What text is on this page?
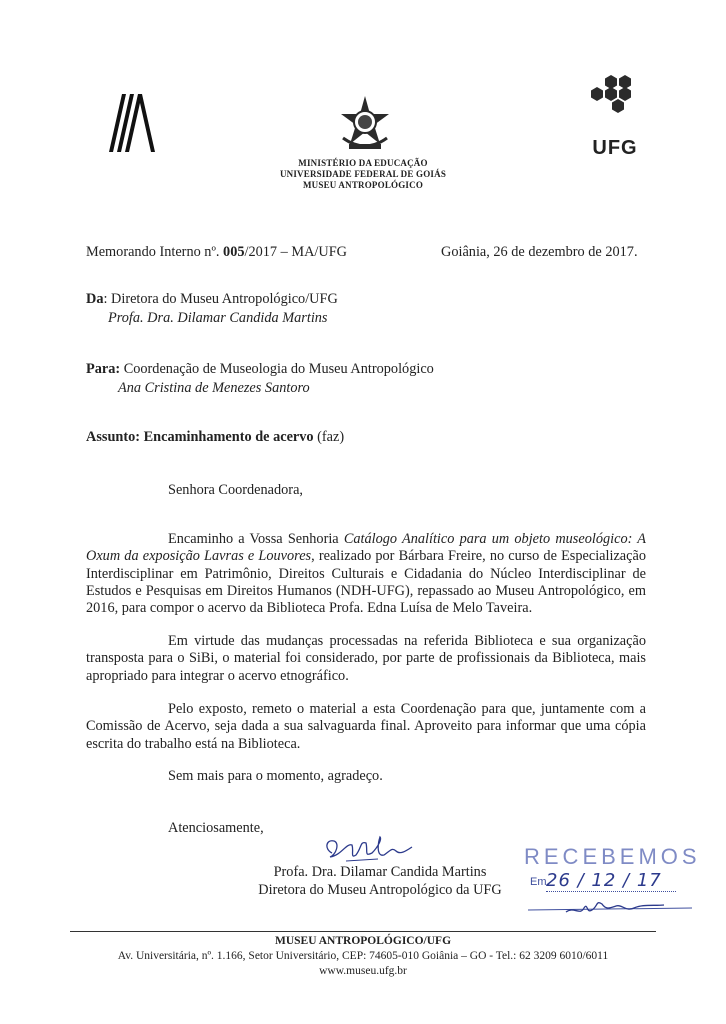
UFG
MINISTÉRIO DA EDUCAÇÃO
UNIVERSIDADE FEDERAL DE GOIÁS
MUSEU ANTROPOLÓGICO
Memorando Interno nº. 005/2017 – MA/UFG	Goiânia, 26 de dezembro de 2017.
Da: Diretora do Museu Antropológico/UFG
Profa. Dra. Dilamar Candida Martins
Para: Coordenação de Museologia do Museu Antropológico
Ana Cristina de Menezes Santoro
Assunto: Encaminhamento de acervo (faz)
Senhora Coordenadora,
Encaminho a Vossa Senhoria Catálogo Analítico para um objeto museológico: A Oxum da exposição Lavras e Louvores, realizado por Bárbara Freire, no curso de Especialização Interdisciplinar em Patrimônio, Direitos Culturais e Cidadania do Núcleo Interdisciplinar de Estudos e Pesquisas em Direitos Humanos (NDH-UFG), repassado ao Museu Antropológico, em 2016, para compor o acervo da Biblioteca Profa. Edna Luísa de Melo Taveira.
Em virtude das mudanças processadas na referida Biblioteca e sua organização transposta para o SiBi, o material foi considerado, por parte de profissionais da Biblioteca, mais apropriado para integrar o acervo etnográfico.
Pelo exposto, remeto o material a esta Coordenação para que, juntamente com a Comissão de Acervo, seja dada a sua salvaguarda final. Aproveito para informar que uma cópia escrita do trabalho está na Biblioteca.
Sem mais para o momento, agradeço.
Atenciosamente,
Profa. Dra. Dilamar Candida Martins
Diretora do Museu Antropológico da UFG
RECEBEMOS
Em 26 / 12 / 17
MUSEU ANTROPOLÓGICO/UFG
Av. Universitária, nº. 1.166, Setor Universitário, CEP: 74605-010 Goiânia – GO - Tel.: 62 3209 6010/6011
www.museu.ufg.br
